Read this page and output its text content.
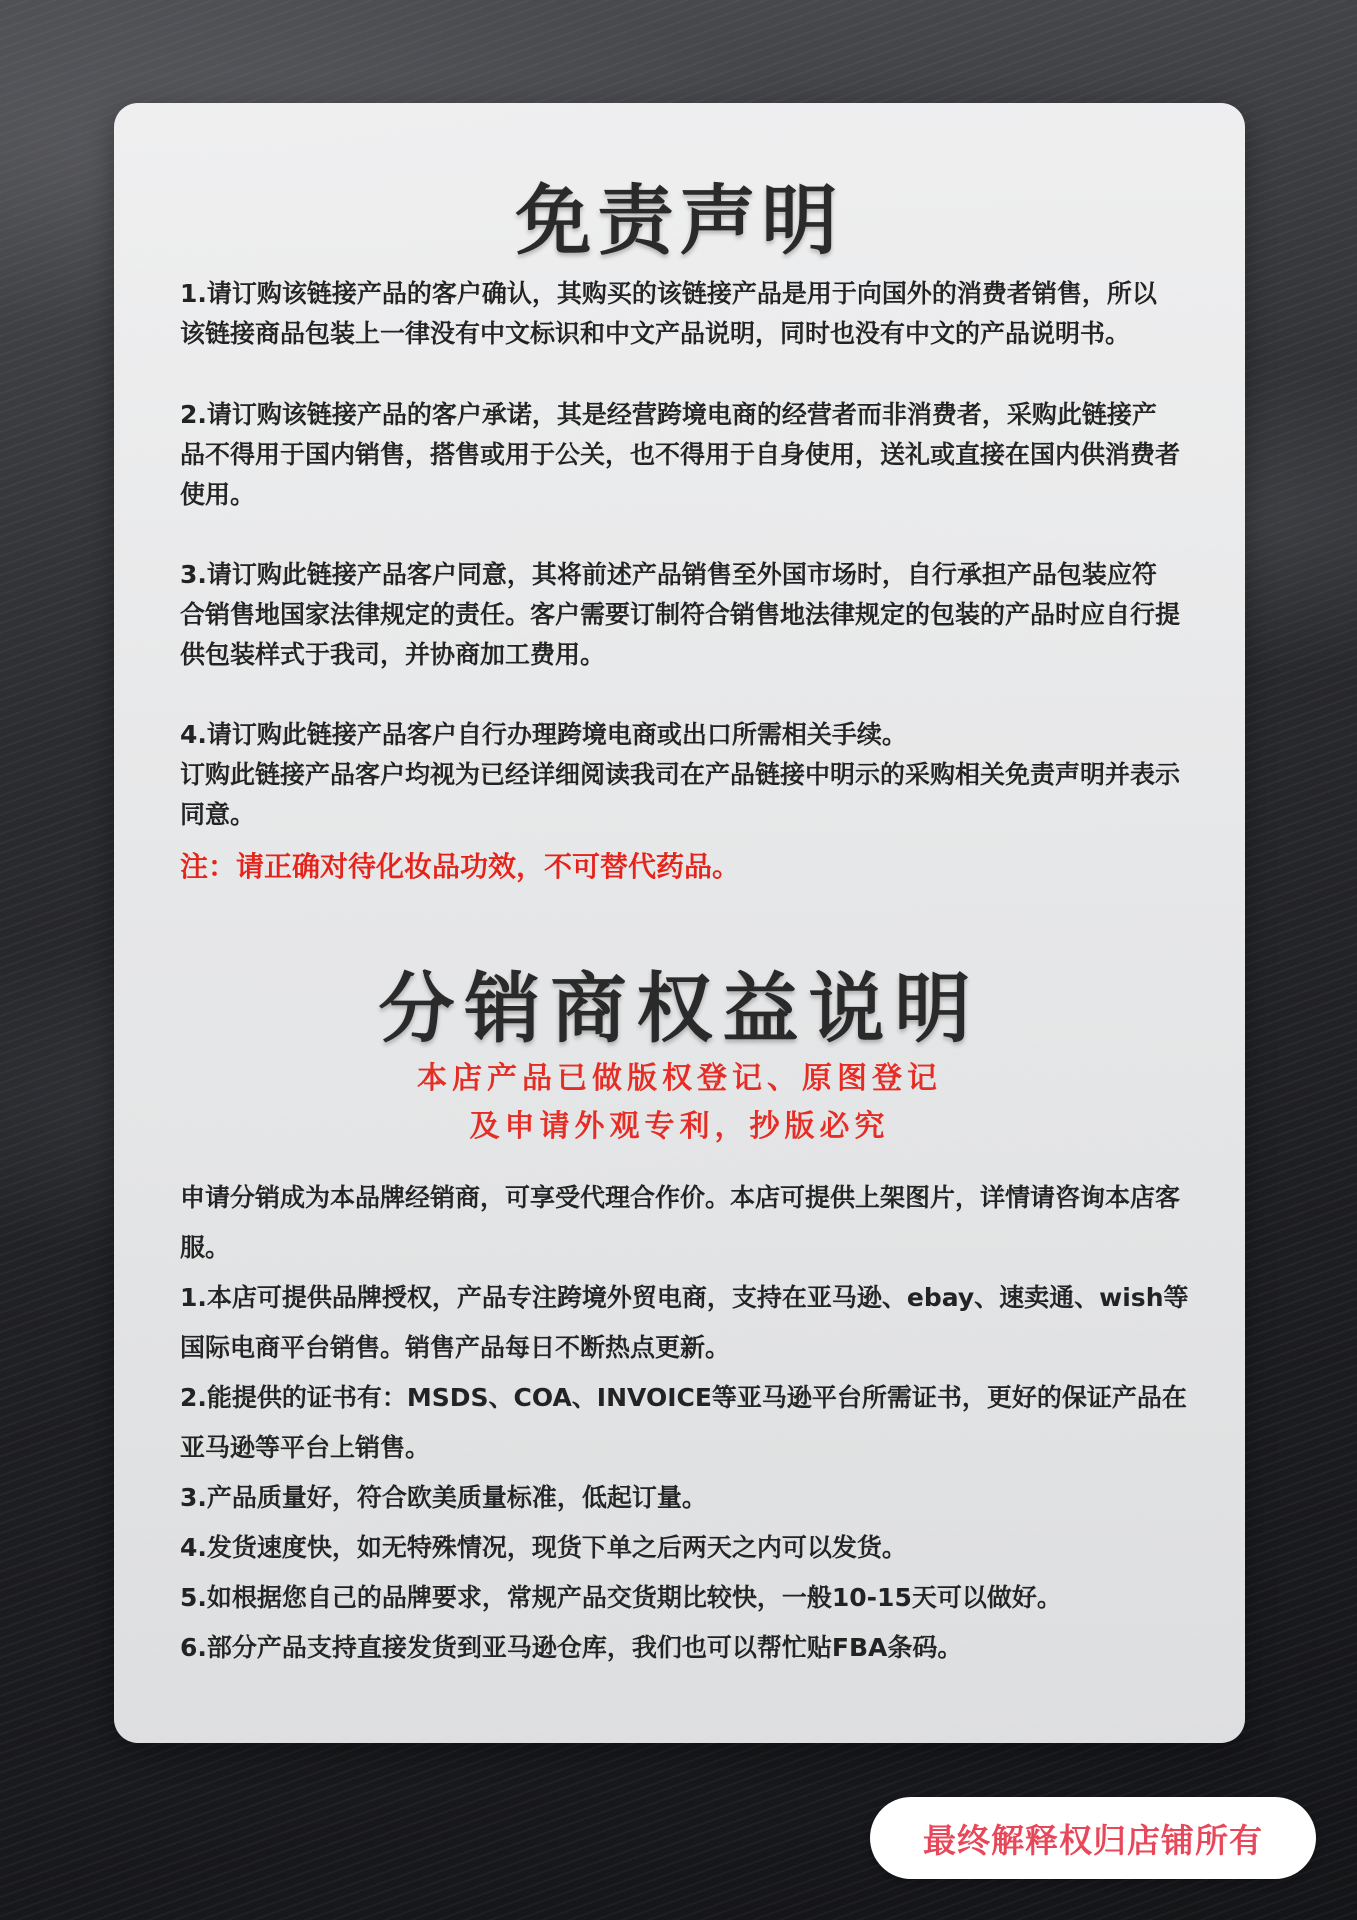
免责声明

1.请订购该链接产品的客户确认，其购买的该链接产品是用于向国外的消费者销售，所以该链接商品包装上一律没有中文标识和中文产品说明，同时也没有中文的产品说明书。

2.请订购该链接产品的客户承诺，其是经营跨境电商的经营者而非消费者，采购此链接产品不得用于国内销售，搭售或用于公关，也不得用于自身使用，送礼或直接在国内供消费者使用。

3.请订购此链接产品客户同意，其将前述产品销售至外国市场时，自行承担产品包装应符合销售地国家法律规定的责任。客户需要订制符合销售地法律规定的包装的产品时应自行提供包装样式于我司，并协商加工费用。

4.请订购此链接产品客户自行办理跨境电商或出口所需相关手续。

订购此链接产品客户均视为已经详细阅读我司在产品链接中明示的采购相关免责声明并表示同意。

注：请正确对待化妆品功效，不可替代药品。

分销商权益说明

本店产品已做版权登记、原图登记

及申请外观专利，抄版必究

申请分销成为本品牌经销商，可享受代理合作价。本店可提供上架图片，详情请咨询本店客服。
1.本店可提供品牌授权，产品专注跨境外贸电商，支持在亚马逊、ebay、速卖通、wish等国际电商平台销售。销售产品每日不断热点更新。
2.能提供的证书有：MSDS、COA、INVOICE等亚马逊平台所需证书，更好的保证产品在亚马逊等平台上销售。
3.产品质量好，符合欧美质量标准，低起订量。
4.发货速度快，如无特殊情况，现货下单之后两天之内可以发货。
5.如根据您自己的品牌要求，常规产品交货期比较快，一般10-15天可以做好。
6.部分产品支持直接发货到亚马逊仓库，我们也可以帮忙贴FBA条码。
最终解释权归店铺所有
